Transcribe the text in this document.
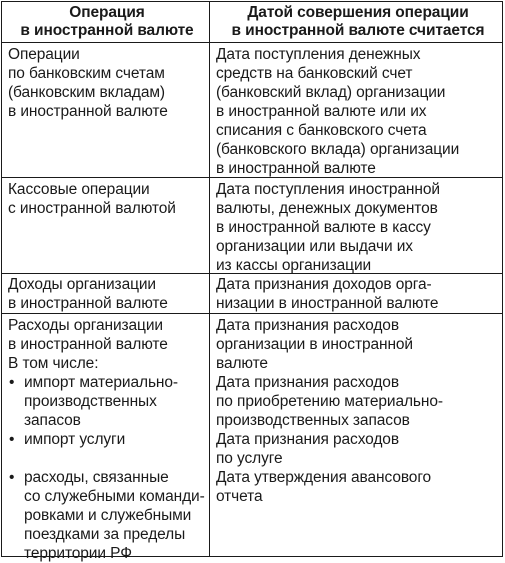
Операция
в иностранной валюте
Датой совершения операции
в иностранной валюте считается
Операции
по банковским счетам
(банковским вкладам)
в иностранной валюте
Дата поступления денежных
средств на банковский счет
(банковский вклад) организации
в иностранной валюте или их
списания с банковского счета
(банковского вклада) организации
в иностранной валюте
Кассовые операции
с иностранной валютой
Дата поступления иностранной
валюты, денежных документов
в иностранной валюте в кассу
организации или выдачи их
из кассы организации
Доходы организации
в иностранной валюте
Дата признания доходов орга-
низации в иностранной валюте
Расходы организации
в иностранной валюте
В том числе:
• импорт материально-
производственных
запасов
• импорт услуги
• расходы, связанные
со служебными команди-
ровками и служебными
поездками за пределы
территории РФ
Дата признания расходов
организации в иностранной
валюте
Дата признания расходов
по приобретению материально-
производственных запасов
Дата признания расходов
по услуге
Дата утверждения авансового
отчета
